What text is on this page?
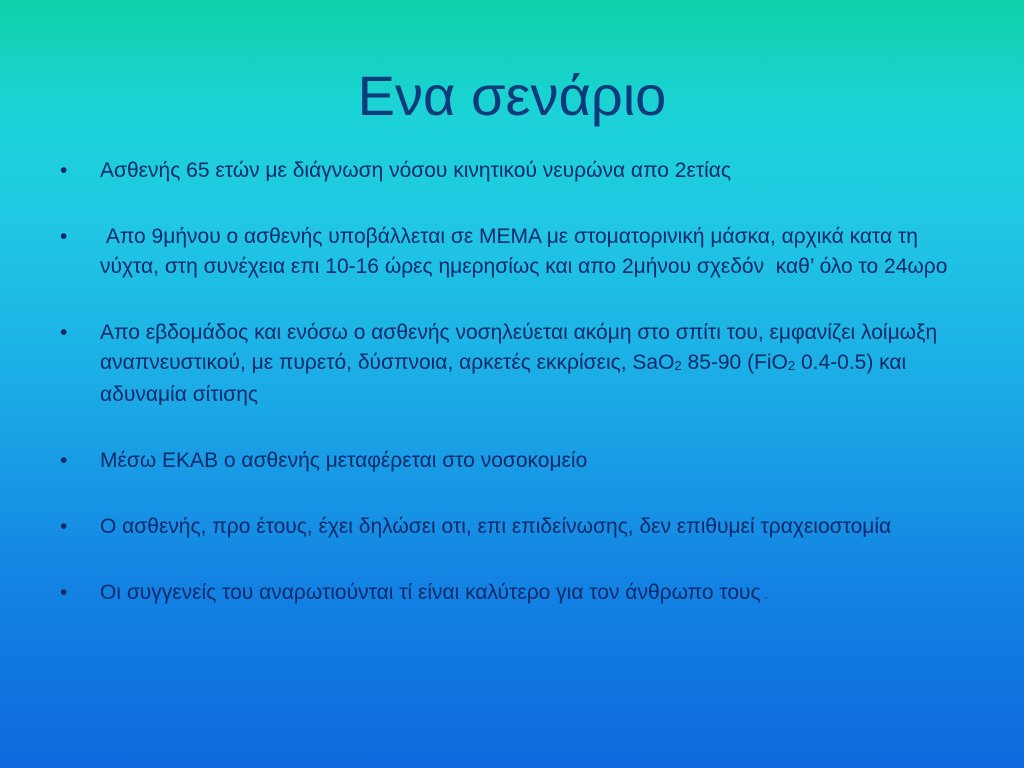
Ενα σενάριο
•	Ασθενής 65 ετών με διάγνωση νόσου κινητικού νευρώνα απο 2ετίας
•	Απο 9μήνου ο ασθενής υποβάλλεται σε ΜΕΜΑ με στοματορινική μάσκα, αρχικά κατα τη νύχτα, στη συνέχεια επι 10-16 ώρες ημερησίως και απο 2μήνου σχεδόν  καθ’ όλο το 24ωρο
•	Απο εβδομάδος και ενόσω ο ασθενής νοσηλεύεται ακόμη στο σπίτι του, εμφανίζει λοίμωξη αναπνευστικού, με πυρετό, δύσπνοια, αρκετές εκκρίσεις, SaO$_2$ 85-90 (FiO$_2$ 0.4-0.5) και αδυναμία σίτισης
•	Μέσω ΕΚΑΒ ο ασθενής μεταφέρεται στο νοσοκομείο
•	Ο ασθενής, προ έτους, έχει δηλώσει οτι, επι επιδείνωσης, δεν επιθυμεί τραχειοστομία
•	Οι συγγενείς του αναρωτιούνται τί είναι καλύτερο για τον άνθρωπο τους .
